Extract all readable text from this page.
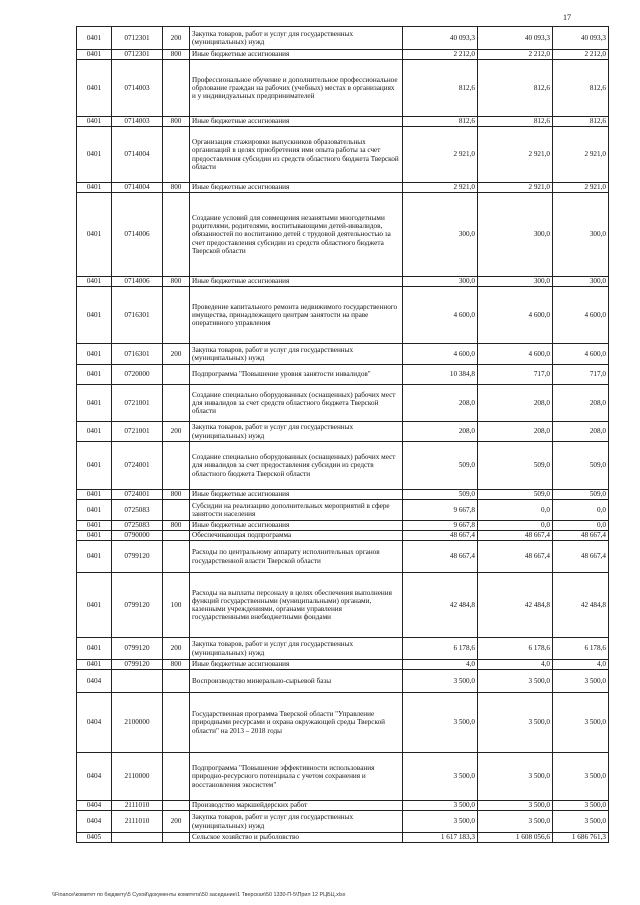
17
0401	0712301	200	Закупка товаров, работ и услуг для государственных (муниципальных) нужд	40 093,3	40 093,3	40 093,3
0401	0712301	800	Иные бюджетные ассигнования	2 212,0	2 212,0	2 212,0
0401	0714003		Профессиональное обучение и дополнительное профессиональное обрлование граждан на рабочих (учебных) местах в организациях и у индивидуальных предпринимателей	812,6	812,6	812,6
0401	0714003	800	Иные бюджетные ассигнования	812,6	812,6	812,6
0401	0714004		Организация стажировки выпускников образовательных организаций в целях приобретения ими опыта работы за счет предоставления субсидии из средств областного бюджета Тверской области	2 921,0	2 921,0	2 921,0
0401	0714004	800	Иные бюджетные ассигнования	2 921,0	2 921,0	2 921,0
0401	0714006		Создание условий для совмещения незанятыми многодетными родителями, родителями, воспитывающими детей-инвалидов, обязанностей по воспитанию детей с трудовой деятельностью за счет предоставления субсидии из средств областного бюджета Тверской области	300,0	300,0	300,0
0401	0714006	800	Иные бюджетные ассигнования	300,0	300,0	300,0
0401	0716301		Проведение капитального ремонта недвижимого государственного имущества, принадлежащего центрам занятости на праве оперативного управления	4 600,0	4 600,0	4 600,0
0401	0716301	200	Закупка товаров, работ и услуг для государственных (муниципальных) нужд	4 600,0	4 600,0	4 600,0
0401	0720000		Подпрограмма "Повышение уровня занятости инвалидов"	10 384,8	717,0	717,0
0401	0721001		Создание специально оборудованных (оснащенных) рабочих мест для инвалидов за счет средств областного бюджета Тверской области	208,0	208,0	208,0
0401	0721001	200	Закупка товаров, работ и услуг для государственных (муниципальных) нужд	208,0	208,0	208,0
0401	0724001		Создание специально оборудованных (оснащенных) рабочих мест для инвалидов за счет предоставления субсидии из средств областного бюджета Тверской области	509,0	509,0	509,0
0401	0724001	800	Иные бюджетные ассигнования	509,0	509,0	509,0
0401	0725083		Субсидии на реализацию дополнительных мероприятий в сфере занятости населения	9 667,8	0,0	0,0
0401	0725083	800	Иные бюджетные ассигнования	9 667,8	0,0	0,0
0401	0790000		Обеспечивающая подпрограмма	48 667,4	48 667,4	48 667,4
0401	0799120		Расходы по центральному аппарату исполнительных органов государственной власти Тверской области	48 667,4	48 667,4	48 667,4
0401	0799120	100	Расходы на выплаты персоналу в целях обеспечения выполнения функций государственными (муниципальными) органами, казенными учреждениями, органами управления государственными внебюджетными фондами	42 484,8	42 484,8	42 484,8
0401	0799120	200	Закупка товаров, работ и услуг для государственных (муниципальных) нужд	6 178,6	6 178,6	6 178,6
0401	0799120	800	Иные бюджетные ассигнования	4,0	4,0	4,0
0404			Воспроизводство минерально-сырьевой базы	3 500,0	3 500,0	3 500,0
0404	2100000		Государственная программа Тверской области "Управление природными ресурсами и охрана окружающей среды Тверской области" на 2013 – 2018 годы	3 500,0	3 500,0	3 500,0
0404	2110000		Подпрограмма "Повышение эффективности использования природно-ресурсного потенциала с учетом сохранения и восстановления экосистем"	3 500,0	3 500,0	3 500,0
0404	2111010		Производство маркшейдерских работ	3 500,0	3 500,0	3 500,0
0404	2111010	200	Закупка товаров, работ и услуг для государственных (муниципальных) нужд	3 500,0	3 500,0	3 500,0
0405			Сельское хозяйство и рыболовство	1 617 183,3	1 608 056,6	1 686 761,3
\\Finance\комитет по бюджету\5 Сухой\документы комитета\50 заседание\1 Тверская\50 1330-П-5\Прил 12 РЦБЦ.xlsx
